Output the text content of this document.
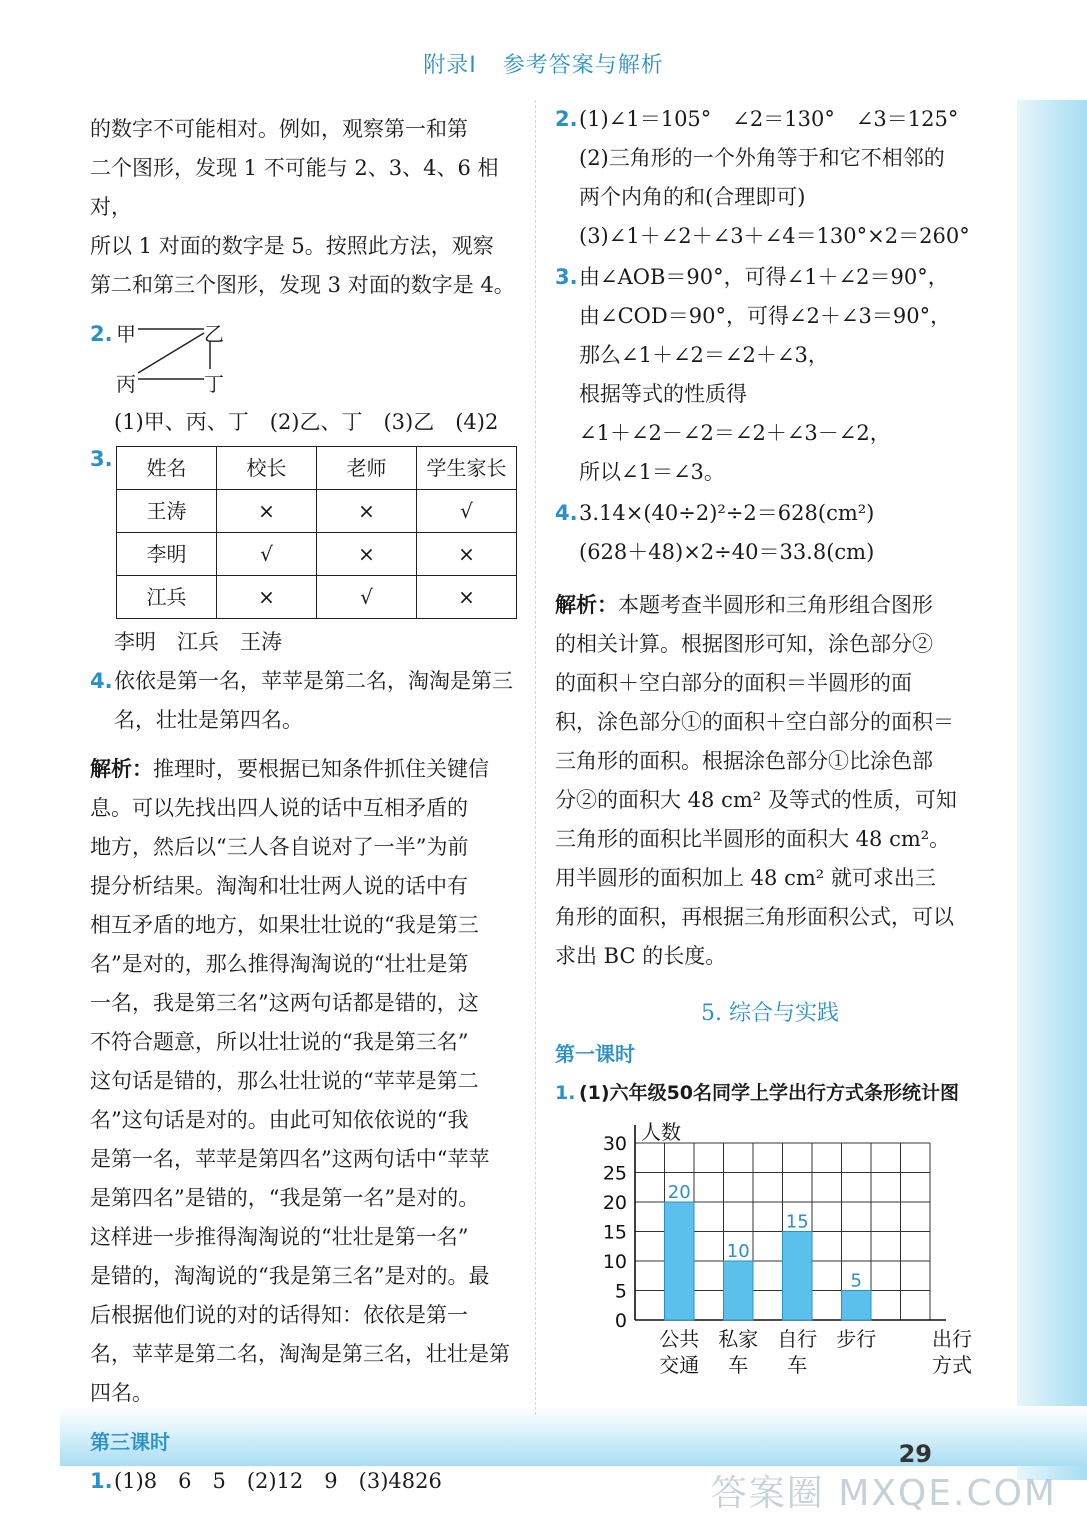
附录Ⅰ 参考答案与解析

的数字不可能相对。例如，观察第一和第

二个图形，发现 1 不可能与 2、3、4、6 相对，

所以 1 对面的数字是 5。按照此方法，观察

第二和第三个图形，发现 3 对面的数字是 4。

2. 甲	乙
丙	丁

(1)甲、丙、丁　(2)乙、丁　(3)乙　(4)2

3. 姓名	校长	老师	学生家长
王涛	×	×	√
李明	√	×	×
江兵	×	√	×

李明　江兵　王涛

4.依依是第一名，苹苹是第二名，淘淘是第三

名，壮壮是第四名。

解析：推理时，要根据已知条件抓住关键信

息。可以先找出四人说的话中互相矛盾的

地方，然后以“三人各自说对了一半”为前

提分析结果。淘淘和壮壮两人说的话中有

相互矛盾的地方，如果壮壮说的“我是第三

名”是对的，那么推得淘淘说的“壮壮是第

一名，我是第三名”这两句话都是错的，这

不符合题意，所以壮壮说的“我是第三名”

这句话是错的，那么壮壮说的“苹苹是第二

名”这句话是对的。由此可知依依说的“我

是第一名，苹苹是第四名”这两句话中“苹苹

是第四名”是错的，“我是第一名”是对的。

这样进一步推得淘淘说的“壮壮是第一名”

是错的，淘淘说的“我是第三名”是对的。最

后根据他们说的对的话得知：依依是第一

名，苹苹是第二名，淘淘是第三名，壮壮是第

四名。

第三课时

1.(1)8　6　5　(2)12　9　(3)4826

2.(1)∠1＝105°　∠2＝130°　∠3＝125°

(2)三角形的一个外角等于和它不相邻的

两个内角的和(合理即可)

(3)∠1＋∠2＋∠3＋∠4＝130°×2＝260°

3.由∠AOB＝90°，可得∠1＋∠2＝90°，

由∠COD＝90°，可得∠2＋∠3＝90°，

那么∠1＋∠2＝∠2＋∠3，

根据等式的性质得

∠1＋∠2－∠2＝∠2＋∠3－∠2，

所以∠1＝∠3。

4.3.14×(40÷2)²÷2＝628(cm²)

(628＋48)×2÷40＝33.8(cm)

解析：本题考查半圆形和三角形组合图形

的相关计算。根据图形可知，涂色部分②

的面积＋空白部分的面积＝半圆形的面

积，涂色部分①的面积＋空白部分的面积＝

三角形的面积。根据涂色部分①比涂色部

分②的面积大 48 cm² 及等式的性质，可知

三角形的面积比半圆形的面积大 48 cm²。

用半圆形的面积加上 48 cm² 就可求出三

角形的面积，再根据三角形面积公式，可以

求出 BC 的长度。

5. 综合与实践

第一课时

1. (1)六年级50名同学上学出行方式条形统计图

人数
0
5
10
15
20
25
30
20
公共
交通
10
私家
车
15
自行
车
5
步行	出行
方式
29
答案圈 MXQE.COM
